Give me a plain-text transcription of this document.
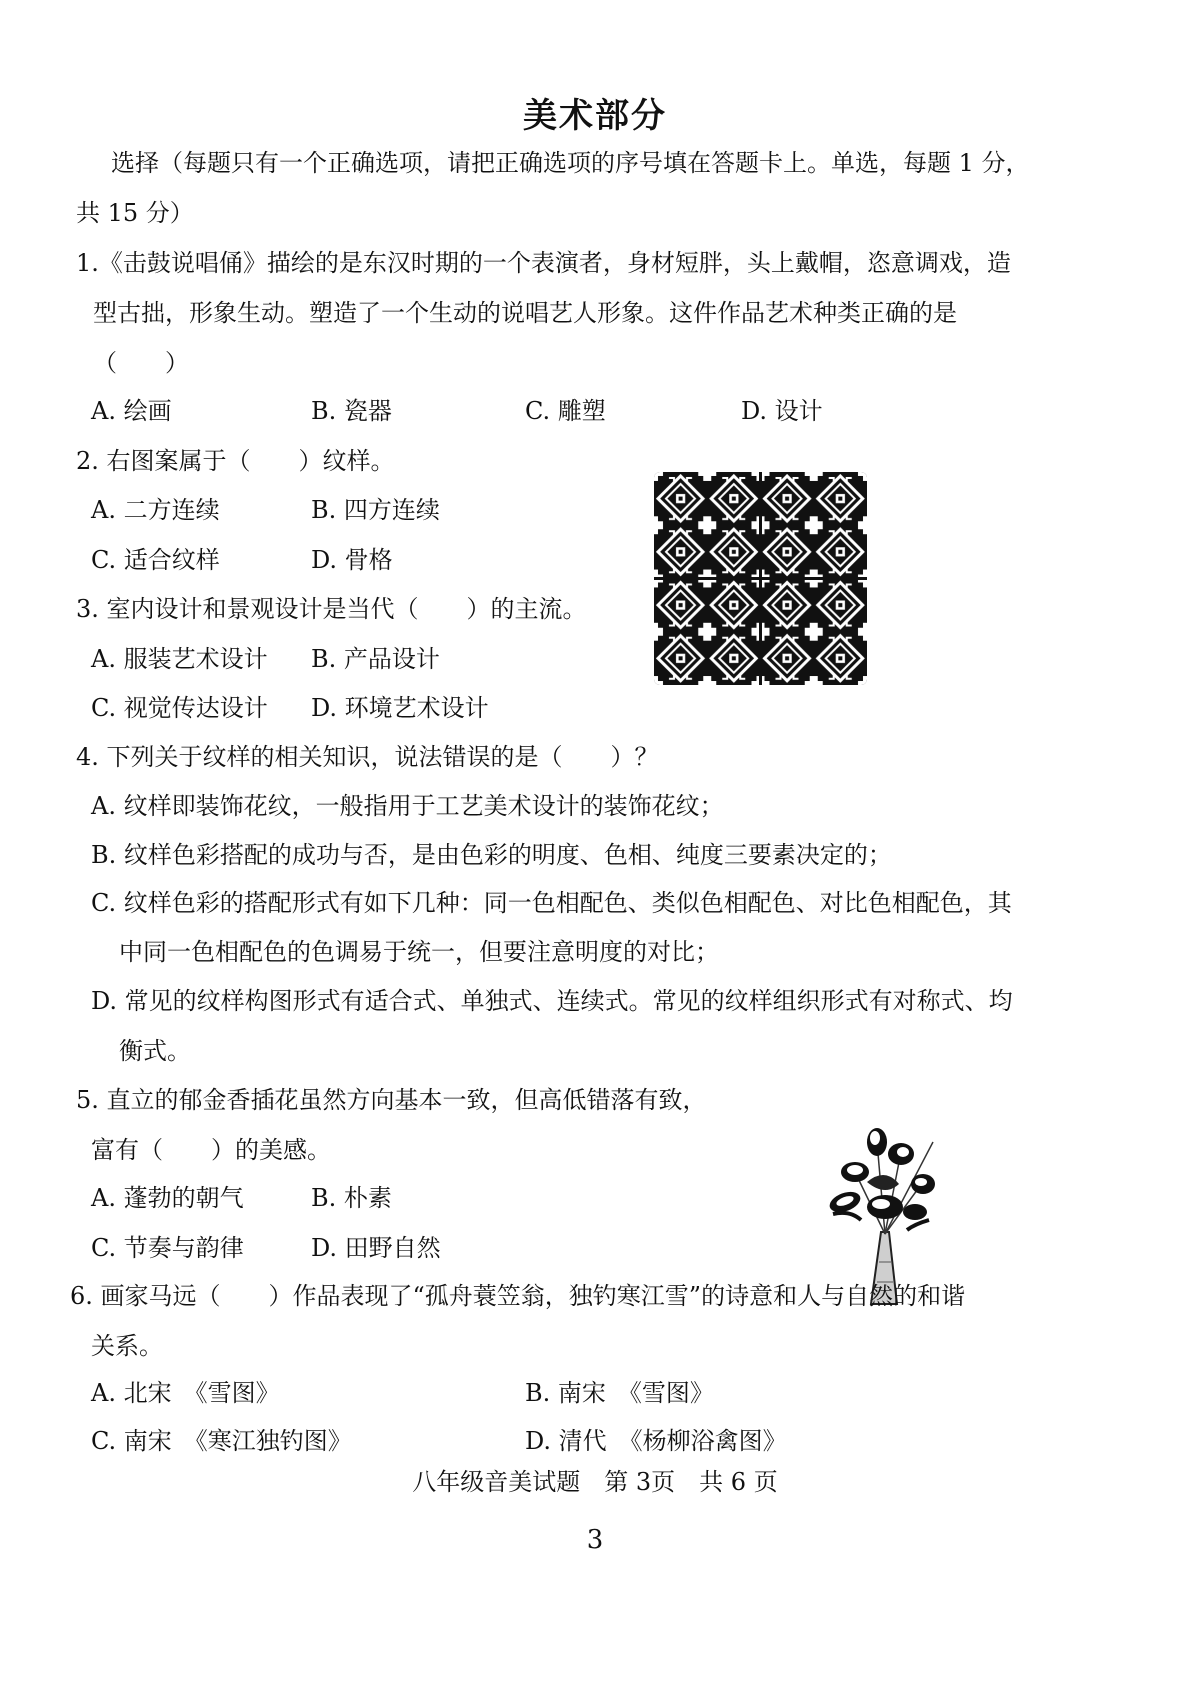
美术部分
选择（每题只有一个正确选项，请把正确选项的序号填在答题卡上。单选，每题 1 分，
共 15 分）
1.《击鼓说唱俑》描绘的是东汉时期的一个表演者，身材短胖，头上戴帽，恣意调戏，造
型古拙，形象生动。塑造了一个生动的说唱艺人形象。这件作品艺术种类正确的是
（　　）
A. 绘画	B. 瓷器	C. 雕塑	D. 设计
2. 右图案属于（　　）纹样。
A. 二方连续	B. 四方连续
C. 适合纹样	D. 骨格
3. 室内设计和景观设计是当代（　　）的主流。
A. 服装艺术设计 B. 产品设计
C. 视觉传达设计 D. 环境艺术设计
4. 下列关于纹样的相关知识，说法错误的是（　　）？
A. 纹样即装饰花纹，一般指用于工艺美术设计的装饰花纹；
B. 纹样色彩搭配的成功与否，是由色彩的明度、色相、纯度三要素决定的；
C. 纹样色彩的搭配形式有如下几种：同一色相配色、类似色相配色、对比色相配色，其
中同一色相配色的色调易于统一，但要注意明度的对比；
D. 常见的纹样构图形式有适合式、单独式、连续式。常见的纹样组织形式有对称式、均
衡式。
5. 直立的郁金香插花虽然方向基本一致，但高低错落有致，
富有（　　）的美感。
A. 蓬勃的朝气	B. 朴素
C. 节奏与韵律	D. 田野自然
6. 画家马远（　　）作品表现了“孤舟蓑笠翁，独钓寒江雪”的诗意和人与自然的和谐
关系。
A. 北宋　《雪图》	B. 南宋　《雪图》
C. 南宋　《寒江独钓图》	D. 清代　《杨柳浴禽图》
八年级音美试题　第 3页　共 6 页
3
